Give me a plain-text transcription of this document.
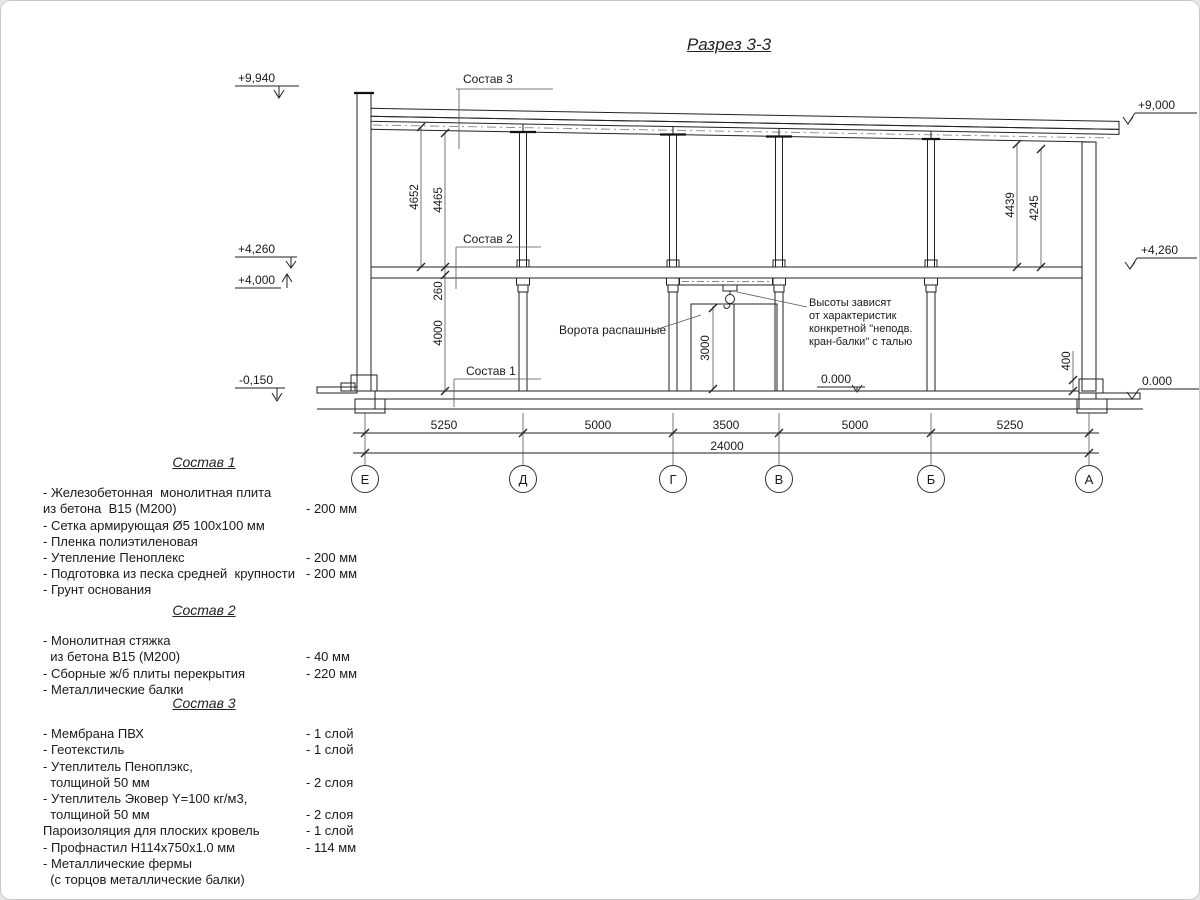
Разрез 3-3
3000
4652 4465
260
4000
4439 4245
400
+9,940
+9,000
+4,260
+4,000
+4,260
-0,150	0.000	0.000
Состав 3
Состав 2
Состав 1
Ворота распашные
Высоты зависят
от характеристик
конкретной "неподв.
кран-балки" с талью
5250	5000	3500	5000	5250
24000
Е	Д	Г	В	Б	А
Состав 1
- Железобетонная  монолитная плита
из бетона  В15 (М200)	- 200 мм
- Сетка армирующая Ø5 100х100 мм
- Пленка полиэтиленовая
- Утепление Пеноплекс	- 200 мм
- Подготовка из песка средней  крупности - 200 мм
- Грунт основания
Состав 2
- Монолитная стяжка
из бетона В15 (М200)	- 40 мм
- Сборные ж/б плиты перекрытия	- 220 мм
- Металлические балки
Состав 3
- Мембрана ПВХ	- 1 слой
- Геотекстиль	- 1 слой
- Утеплитель Пеноплэкс,
толщиной 50 мм	- 2 слоя
- Утеплитель Эковер Y=100 кг/м3,
толщиной 50 мм	- 2 слоя
Пароизоляция для плоских кровель	- 1 слой
- Профнастил Н114х750х1.0 мм	- 114 мм
- Металлические фермы
(с торцов металлические балки)
